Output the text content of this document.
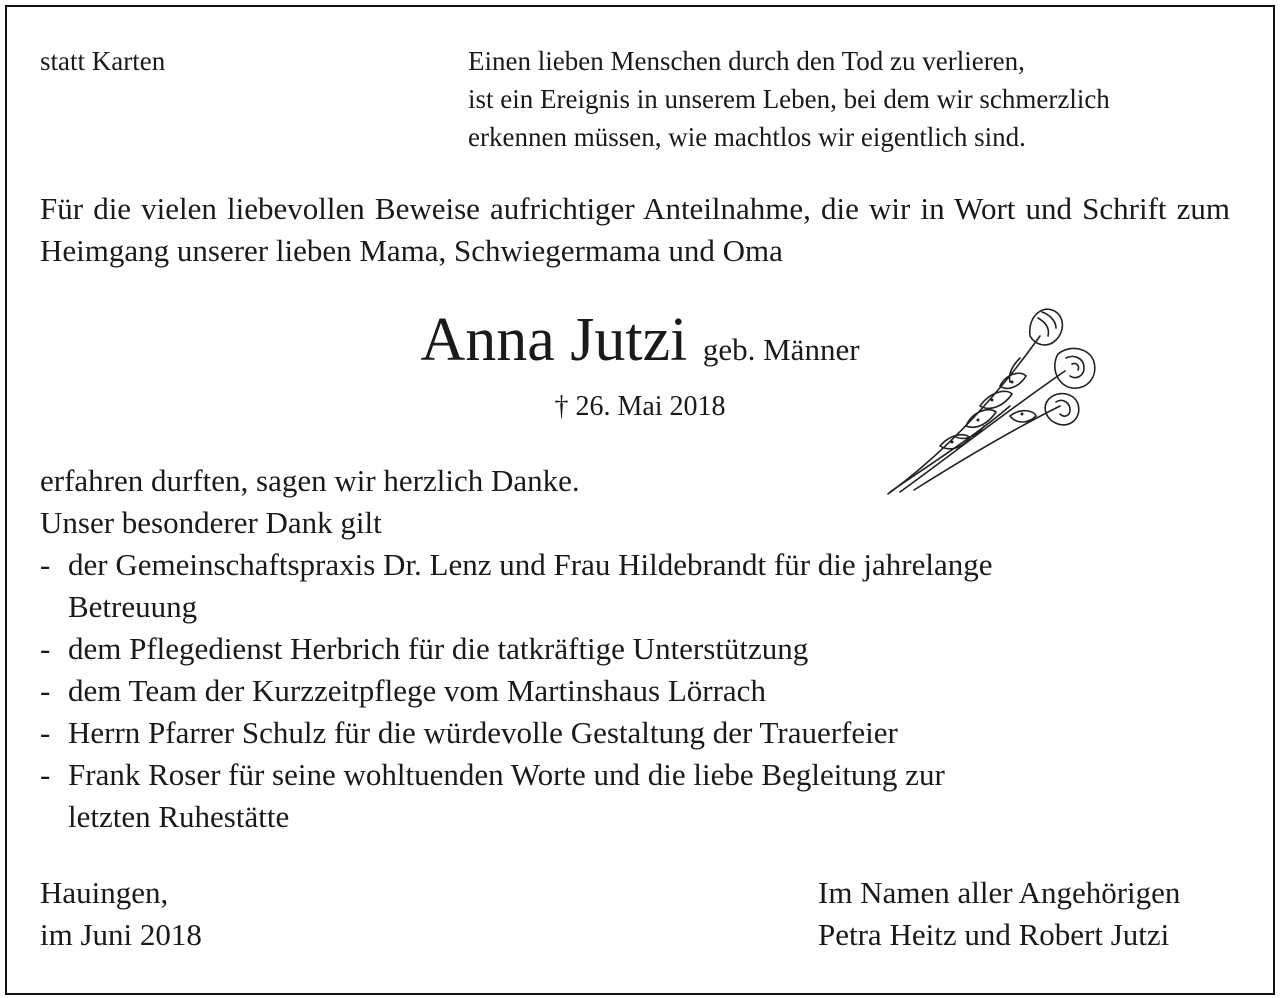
statt Karten	Einen lieben Menschen durch den Tod zu verlieren,
ist ein Ereignis in unserem Leben, bei dem wir schmerzlich
erkennen müssen, wie machtlos wir eigentlich sind.
Für die vielen liebevollen Beweise aufrichtiger Anteilnahme, die wir in Wort und Schrift zum Heimgang unserer lieben Mama, Schwiegermama und Oma
Anna Jutzi geb. Männer
† 26. Mai 2018
erfahren durften, sagen wir herzlich Danke.
Unser besonderer Dank gilt
- der Gemeinschaftspraxis Dr. Lenz und Frau Hildebrandt für die jahrelange
Betreuung
- dem Pflegedienst Herbrich für die tatkräftige Unterstützung
- dem Team der Kurzzeitpflege vom Martinshaus Lörrach
- Herrn Pfarrer Schulz für die würdevolle Gestaltung der Trauerfeier
- Frank Roser für seine wohltuenden Worte und die liebe Begleitung zur
letzten Ruhestätte
Hauingen,
im Juni 2018
Im Namen aller Angehörigen
Petra Heitz und Robert Jutzi
